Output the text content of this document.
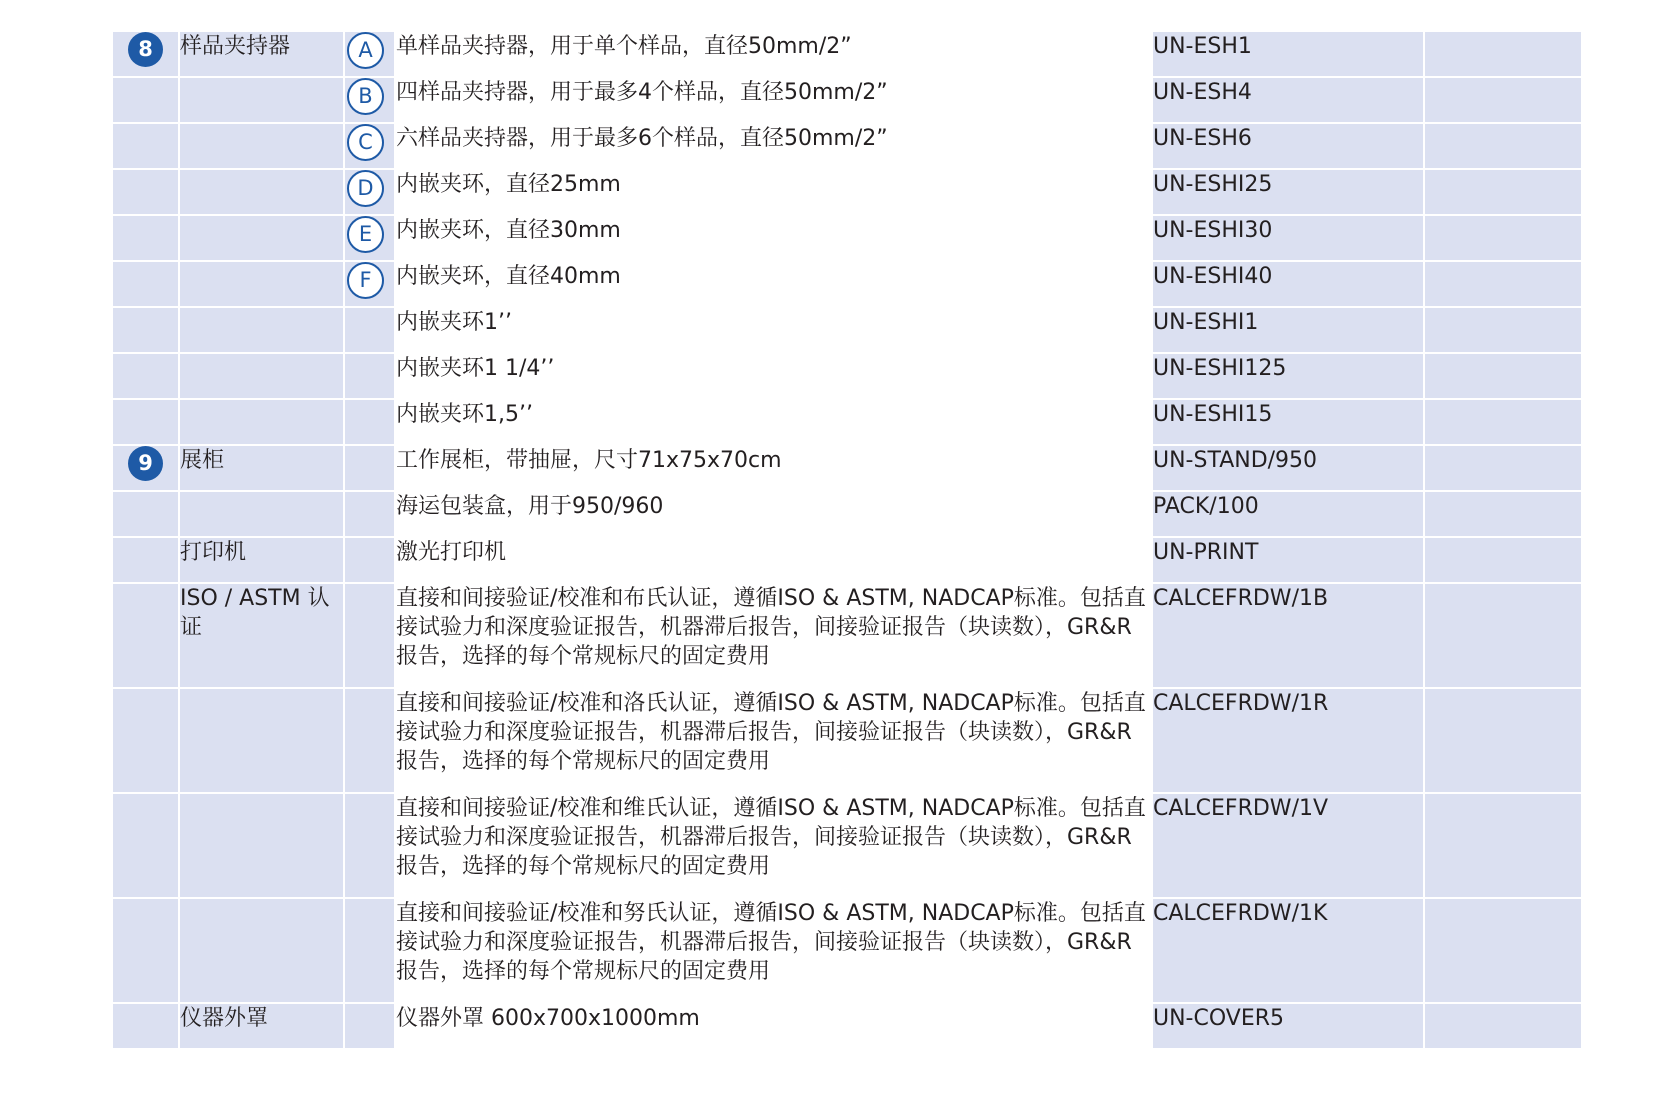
8	样品夹持器	A	单样品夹持器，用于单个样品，直径50mm/2”	UN-ESH1	
		B	四样品夹持器，用于最多4个样品，直径50mm/2”	UN-ESH4	
		C	六样品夹持器，用于最多6个样品，直径50mm/2”	UN-ESH6	
		D	内嵌夹环，直径25mm	UN-ESHI25	
		E	内嵌夹环，直径30mm	UN-ESHI30	
		F	内嵌夹环，直径40mm	UN-ESHI40	
			内嵌夹环1’’	UN-ESHI1	
			内嵌夹环1 1/4’’	UN-ESHI125	
			内嵌夹环1,5’’	UN-ESHI15	
9	展柜		工作展柜，带抽屉，尺寸71x75x70cm	UN-STAND/950	
			海运包装盒，用于950/960	PACK/100	
	打印机		激光打印机	UN-PRINT	
	ISO / ASTM 认证		直接和间接验证/校准和布氏认证，遵循ISO & ASTM, NADCAP标准。包括直接试验力和深度验证报告，机器滞后报告，间接验证报告（块读数），GR&R报告，选择的每个常规标尺的固定费用	CALCEFRDW/1B	
			直接和间接验证/校准和洛氏认证，遵循ISO & ASTM, NADCAP标准。包括直接试验力和深度验证报告，机器滞后报告，间接验证报告（块读数），GR&R报告，选择的每个常规标尺的固定费用	CALCEFRDW/1R	
			直接和间接验证/校准和维氏认证，遵循ISO & ASTM, NADCAP标准。包括直接试验力和深度验证报告，机器滞后报告，间接验证报告（块读数），GR&R报告，选择的每个常规标尺的固定费用	CALCEFRDW/1V	
			直接和间接验证/校准和努氏认证，遵循ISO & ASTM, NADCAP标准。包括直接试验力和深度验证报告，机器滞后报告，间接验证报告（块读数），GR&R报告，选择的每个常规标尺的固定费用	CALCEFRDW/1K	
	仪器外罩		仪器外罩 600x700x1000mm	UN-COVER5	
